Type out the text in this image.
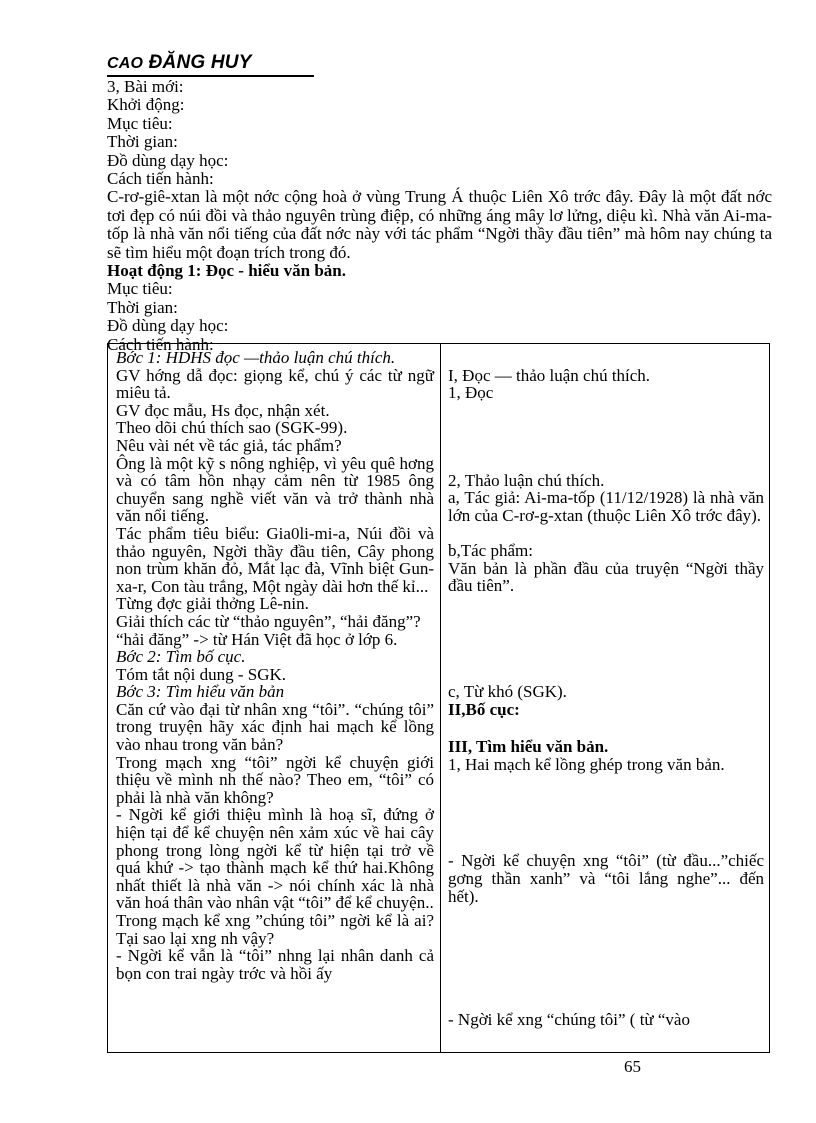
CAO ĐĂNG HUY
3, Bài mới:
Khởi động:
Mục tiêu:
Thời gian:
Đồ dùng dạy học:
Cách tiến hành:
C-rơ-giê-xtan là một nớc cộng hoà ở vùng Trung Á thuộc Liên Xô trớc đây. Đây là một đất nớc tơi đẹp có núi đồi và thảo nguyên trùng điệp, có những áng mây lơ lửng, diệu kì. Nhà văn Ai-ma-tốp là nhà văn nổi tiếng của đất nớc này với tác phẩm “Ngời thầy đầu tiên” mà hôm nay chúng ta sẽ tìm hiểu một đoạn trích trong đó.
Hoạt động 1: Đọc - hiểu văn bản.
Mục tiêu:
Thời gian:
Đồ dùng dạy học:
Cách tiến hành:

Bớc 1: HDHS đọc —thảo luận chú thích.

GV hớng dẫ đọc: giọng kể, chú ý các từ ngữ miêu tả.

GV đọc mẫu, Hs đọc, nhận xét.

Theo dõi chú thích sao (SGK-99).

Nêu vài nét về tác giả, tác phẩm?

Ông là một kỹ s nông nghiệp, vì yêu quê hơng và có tâm hồn nhạy cảm nên từ 1985 ông chuyển sang nghề viết văn và trở thành nhà văn nổi tiếng.

Tác phẩm tiêu biểu: Gia0li-mi-a, Núi đồi và thảo nguyên, Ngời thầy đầu tiên, Cây phong non trùm khăn đỏ, Mắt lạc đà, Vĩnh biệt Gun-xa-r, Con tàu trắng, Một ngày dài hơn thế kỉ...

Từng đợc giải thởng Lê-nin.

Giải thích các từ “thảo nguyên”, “hải đăng”?

“hải đăng” -> từ Hán Việt đã học ở lớp 6.

Bớc 2: Tìm bố cục.

Tóm tắt nội dung - SGK.

Bớc 3: Tìm hiểu văn bản

Căn cứ vào đại từ nhân xng “tôi”. “chúng tôi” trong truyện hãy xác định hai mạch kể lồng vào nhau trong văn bản?

Trong mạch xng “tôi” ngời kể chuyện giới thiệu về mình nh thế nào? Theo em, “tôi” có phải là nhà văn không?

- Ngời kể giới thiệu mình là hoạ sĩ, đứng ở hiện tại để kể chuyện nên xảm xúc về hai cây phong trong lòng ngời kể từ hiện tại trở về quá khứ -> tạo thành mạch kể thứ hai.Không nhất thiết là nhà văn -> nói chính xác là nhà văn hoá thân vào nhân vật “tôi” để kể chuyện..

Trong mạch kể xng ”chúng tôi” ngời kể là ai? Tại sao lại xng nh vậy?

- Ngời kể vẫn là “tôi” nhng lại nhân danh cả bọn con trai ngày trớc và hồi ấy

I, Đọc — thảo luận chú thích.

1, Đọc

2, Thảo luận chú thích.

a, Tác giả: Ai-ma-tốp (11/12/1928) là nhà văn lớn của C-rơ-g-xtan (thuộc Liên Xô trớc đây).

b,Tác phẩm:

Văn bản là phần đầu của truyện “Ngời thầy đầu tiên”.

c, Từ khó (SGK).

II,Bố cục:

III, Tìm hiểu văn bản.

1, Hai mạch kể lồng ghép trong văn bản.

- Ngời kể chuyện xng “tôi” (từ đầu...”chiếc gơng thần xanh” và “tôi lắng nghe”... đến hết).

- Ngời kể xng “chúng tôi” ( từ “vào

65
